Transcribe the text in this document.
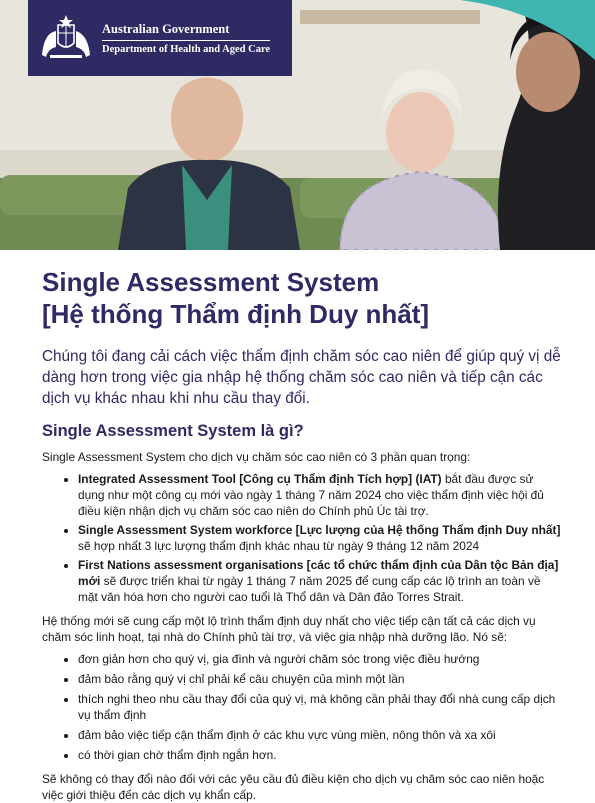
Australian Government
Department of Health and Aged Care
Single Assessment System
[Hệ thống Thẩm định Duy nhất]

Chúng tôi đang cải cách việc thẩm định chăm sóc cao niên để giúp quý vị dễ dàng hơn trong việc gia nhập hệ thống chăm sóc cao niên và tiếp cận các dịch vụ khác nhau khi nhu cầu thay đổi.

Single Assessment System là gì?

Single Assessment System cho dịch vụ chăm sóc cao niên có 3 phần quan trọng:

• Integrated Assessment Tool [Công cụ Thẩm định Tích hợp] (IAT) bắt đầu được sử dụng như một công cụ mới vào ngày 1 tháng 7 năm 2024 cho việc thẩm định việc hội đủ điều kiện nhận dịch vụ chăm sóc cao niên do Chính phủ Úc tài trợ.
• Single Assessment System workforce [Lực lượng của Hệ thống Thẩm định Duy nhất] sẽ hợp nhất 3 lực lượng thẩm định khác nhau từ ngày 9 tháng 12 năm 2024
• First Nations assessment organisations [các tổ chức thẩm định của Dân tộc Bản địa] mới sẽ được triển khai từ ngày 1 tháng 7 năm 2025 để cung cấp các lộ trình an toàn về mặt văn hóa hơn cho người cao tuổi là Thổ dân và Dân đảo Torres Strait.

Hệ thống mới sẽ cung cấp một lộ trình thẩm định duy nhất cho việc tiếp cận tất cả các dịch vụ chăm sóc linh hoạt, tại nhà do Chính phủ tài trợ, và việc gia nhập nhà dưỡng lão. Nó sẽ:

• đơn giản hơn cho quý vị, gia đình và người chăm sóc trong việc điều hướng
• đảm bảo rằng quý vị chỉ phải kể câu chuyện của mình một lần
• thích nghi theo nhu cầu thay đổi của quý vị, mà không cần phải thay đổi nhà cung cấp dịch vụ thẩm định
• đảm bảo việc tiếp cận thẩm định ở các khu vực vùng miền, nông thôn và xa xôi
• có thời gian chờ thẩm định ngắn hơn.

Sẽ không có thay đổi nào đối với các yêu cầu đủ điều kiện cho dịch vụ chăm sóc cao niên hoặc việc giới thiệu đến các dịch vụ khẩn cấp.
